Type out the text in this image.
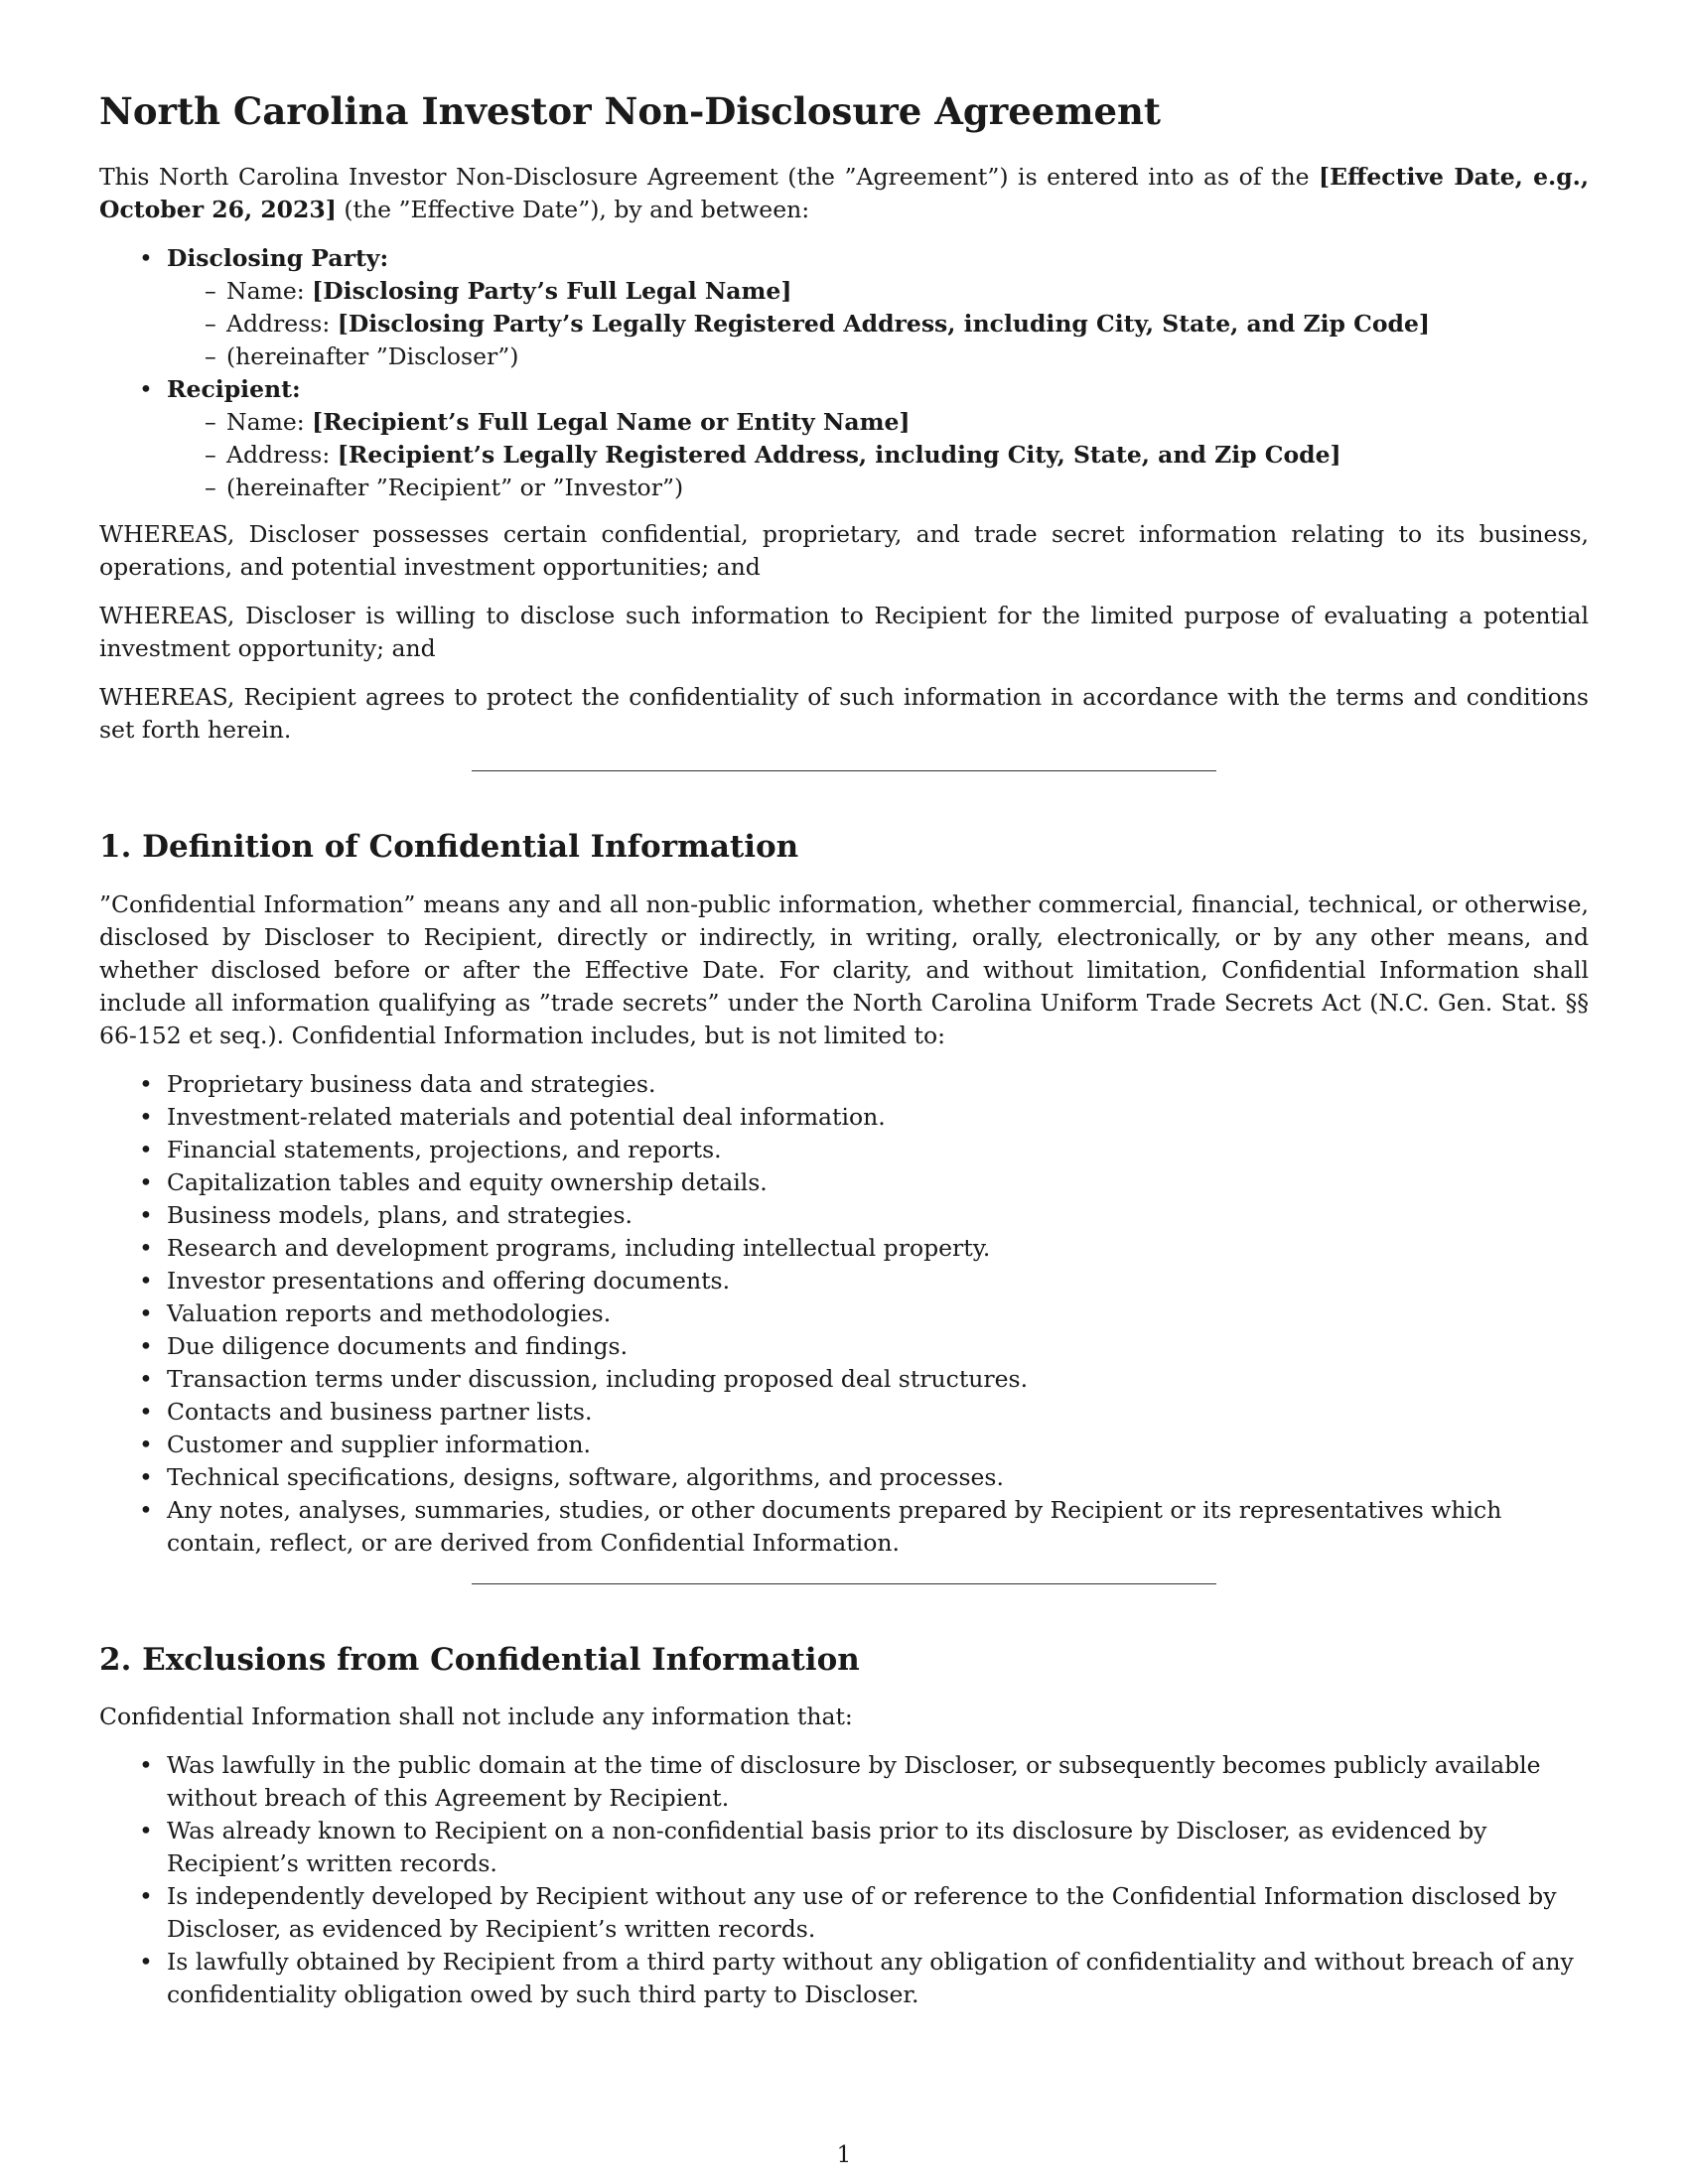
North Carolina Investor Non-Disclosure Agreement

This North Carolina Investor Non-Disclosure Agreement (the ”Agreement”) is entered into as of the [Effective Date, e.g., October 26, 2023] (the ”Effective Date”), by and between:

• Disclosing Party:
– Name: [Disclosing Party’s Full Legal Name]
– Address: [Disclosing Party’s Legally Registered Address, including City, State, and Zip Code]
– (hereinafter ”Discloser”)
• Recipient:
– Name: [Recipient’s Full Legal Name or Entity Name]
– Address: [Recipient’s Legally Registered Address, including City, State, and Zip Code]
– (hereinafter ”Recipient” or ”Investor”)

WHEREAS, Discloser possesses certain confidential, proprietary, and trade secret information relating to its business, operations, and potential investment opportunities; and

WHEREAS, Discloser is willing to disclose such information to Recipient for the limited purpose of evaluating a potential investment opportunity; and

WHEREAS, Recipient agrees to protect the confidentiality of such information in accordance with the terms and conditions set forth herein.

1. Definition of Confidential Information

”Confidential Information” means any and all non-public information, whether commercial, financial, technical, or otherwise, disclosed by Discloser to Recipient, directly or indirectly, in writing, orally, electronically, or by any other means, and whether disclosed before or after the Effective Date. For clarity, and without limitation, Confidential Information shall include all information qualifying as ”trade secrets” under the North Carolina Uniform Trade Secrets Act (N.C. Gen. Stat. §§ 66-152 et seq.). Confidential Information includes, but is not limited to:

• Proprietary business data and strategies.
• Investment-related materials and potential deal information.
• Financial statements, projections, and reports.
• Capitalization tables and equity ownership details.
• Business models, plans, and strategies.
• Research and development programs, including intellectual property.
• Investor presentations and offering documents.
• Valuation reports and methodologies.
• Due diligence documents and findings.
• Transaction terms under discussion, including proposed deal structures.
• Contacts and business partner lists.
• Customer and supplier information.
• Technical specifications, designs, software, algorithms, and processes.
• Any notes, analyses, summaries, studies, or other documents prepared by Recipient or its representatives which contain, reflect, or are derived from Confidential Information.
2. Exclusions from Confidential Information

Confidential Information shall not include any information that:

• Was lawfully in the public domain at the time of disclosure by Discloser, or subsequently becomes publicly available without breach of this Agreement by Recipient.
• Was already known to Recipient on a non-confidential basis prior to its disclosure by Discloser, as evidenced by Recipient’s written records.
• Is independently developed by Recipient without any use of or reference to the Confidential Information disclosed by Discloser, as evidenced by Recipient’s written records.
• Is lawfully obtained by Recipient from a third party without any obligation of confidentiality and without breach of any confidentiality obligation owed by such third party to Discloser.
1
